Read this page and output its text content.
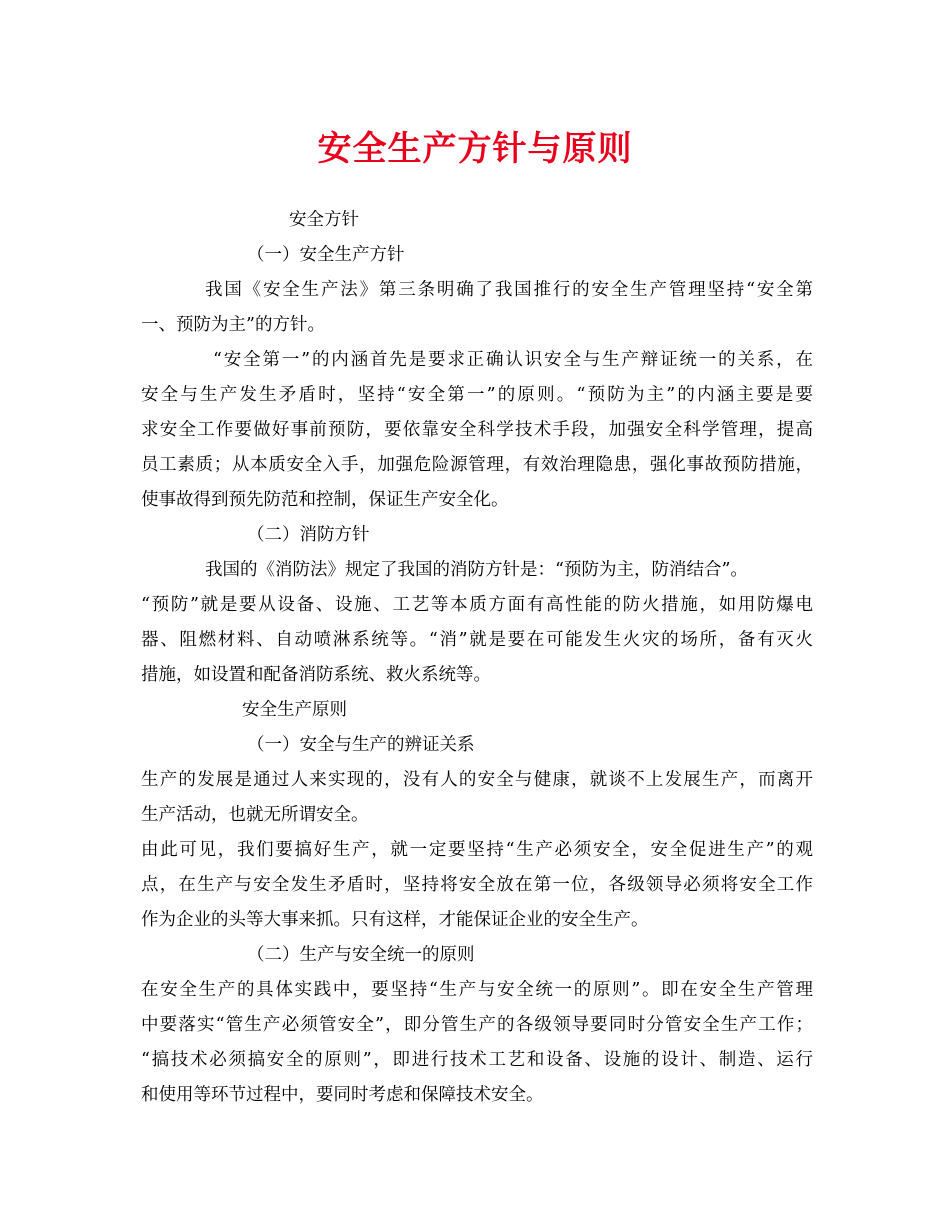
安全生产方针与原则
安全方针
（一）安全生产方针
我国《安全生产法》第三条明确了我国推行的安全生产管理坚持“安全第
一、预防为主”的方针。
“安全第一”的内涵首先是要求正确认识安全与生产辩证统一的关系，在
安全与生产发生矛盾时，坚持“安全第一”的原则。“预防为主”的内涵主要是要
求安全工作要做好事前预防，要依靠安全科学技术手段，加强安全科学管理，提高
员工素质；从本质安全入手，加强危险源管理，有效治理隐患，强化事故预防措施，
使事故得到预先防范和控制，保证生产安全化。
（二）消防方针
我国的《消防法》规定了我国的消防方针是：“预防为主，防消结合”。
“预防”就是要从设备、设施、工艺等本质方面有高性能的防火措施，如用防爆电
器、阻燃材料、自动喷淋系统等。“消”就是要在可能发生火灾的场所，备有灭火
措施，如设置和配备消防系统、救火系统等。
安全生产原则
（一）安全与生产的辨证关系
生产的发展是通过人来实现的，没有人的安全与健康，就谈不上发展生产，而离开
生产活动，也就无所谓安全。
由此可见，我们要搞好生产，就一定要坚持“生产必须安全，安全促进生产”的观
点，在生产与安全发生矛盾时，坚持将安全放在第一位，各级领导必须将安全工作
作为企业的头等大事来抓。只有这样，才能保证企业的安全生产。
（二）生产与安全统一的原则
在安全生产的具体实践中，要坚持“生产与安全统一的原则”。即在安全生产管理
中要落实“管生产必须管安全”，即分管生产的各级领导要同时分管安全生产工作；
“搞技术必须搞安全的原则”，即进行技术工艺和设备、设施的设计、制造、运行
和使用等环节过程中，要同时考虑和保障技术安全。
